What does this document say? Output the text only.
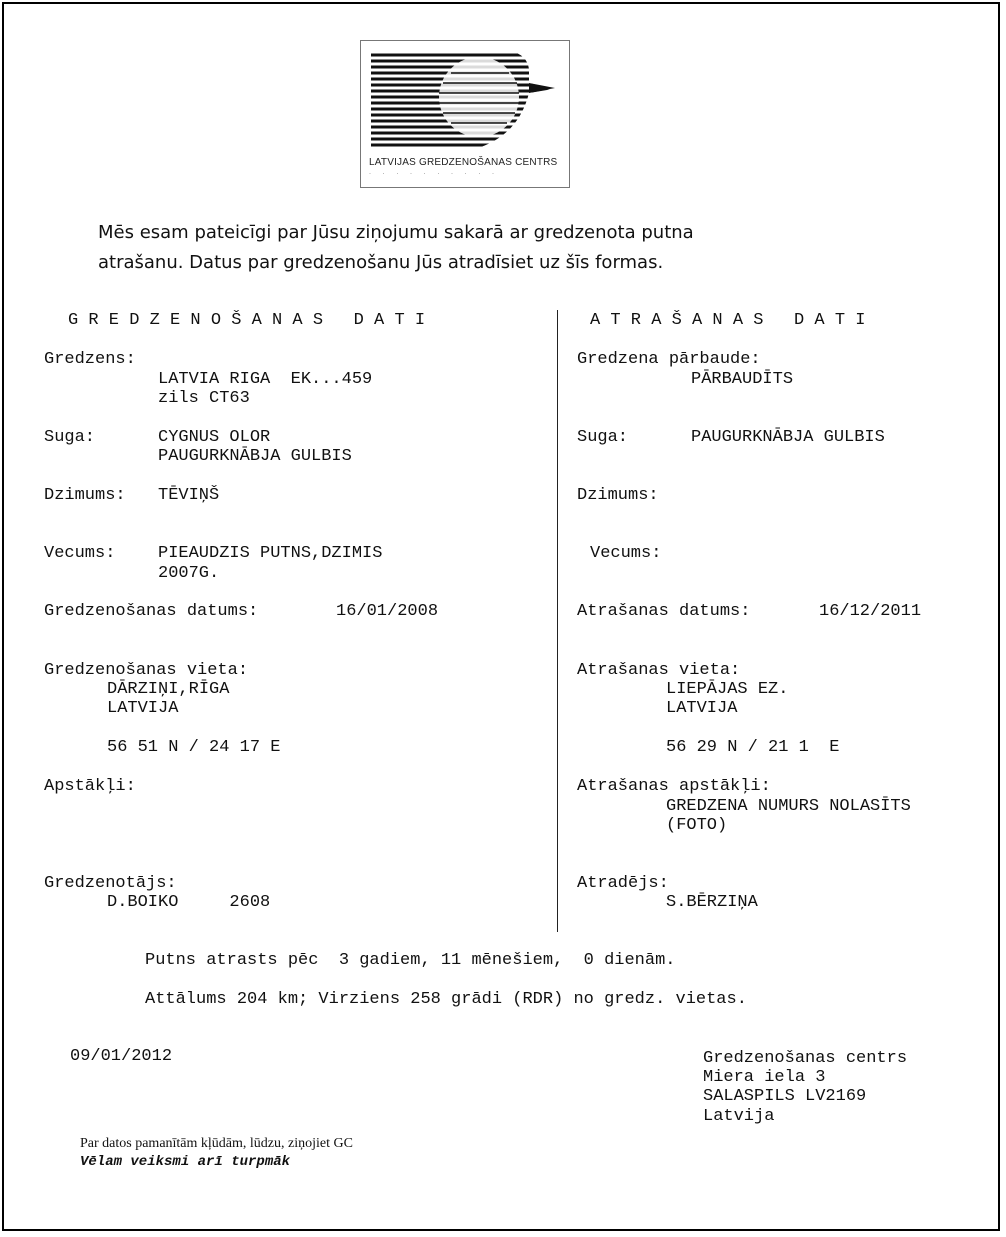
LATVIJAS GREDZENOŠANAS CENTRS
· · · · · · · · · ·
Mēs esam pateicīgi par Jūsu ziņojumu sakarā ar gredzenota putna
atrašanu. Datus par gredzenošanu Jūs atradīsiet uz šīs formas.
G R E D Z E N O Š A N A S   D A T I	A T R A Š A N A S   D A T I
Gredzens:
LATVIA RIGA  EK...459
zils CT63
Suga:	CYGNUS OLOR
PAUGURKNĀBJA GULBIS
Dzimums: TĒVIŅŠ
Vecums:	PIEAUDZIS PUTNS,DZIMIS
2007G.
Gredzenošanas datums:	16/01/2008
Gredzenošanas vieta:
DĀRZIŅI,RĪGA
LATVIJA
56 51 N / 24 17 E
Apstākļi:
Gredzenotājs:
D.BOIKO     2608
Gredzena pārbaude:
PĀRBAUDĪTS
Suga:	PAUGURKNĀBJA GULBIS
Dzimums:
Vecums:
Atrašanas datums:	16/12/2011
Atrašanas vieta:
LIEPĀJAS EZ.
LATVIJA
56 29 N / 21 1  E
Atrašanas apstākļi:
GREDZENA NUMURS NOLASĪTS
(FOTO)
Atradējs:
S.BĒRZIŅA
Putns atrasts pēc  3 gadiem, 11 mēnešiem,  0 dienām.
Attālums 204 km; Virziens 258 grādi (RDR) no gredz. vietas.
09/01/2012	Gredzenošanas centrs
Miera iela 3
SALASPILS LV2169
Latvija
Par datos pamanītām kļūdām, lūdzu, ziņojiet GC
Vēlam veiksmi arī turpmāk
